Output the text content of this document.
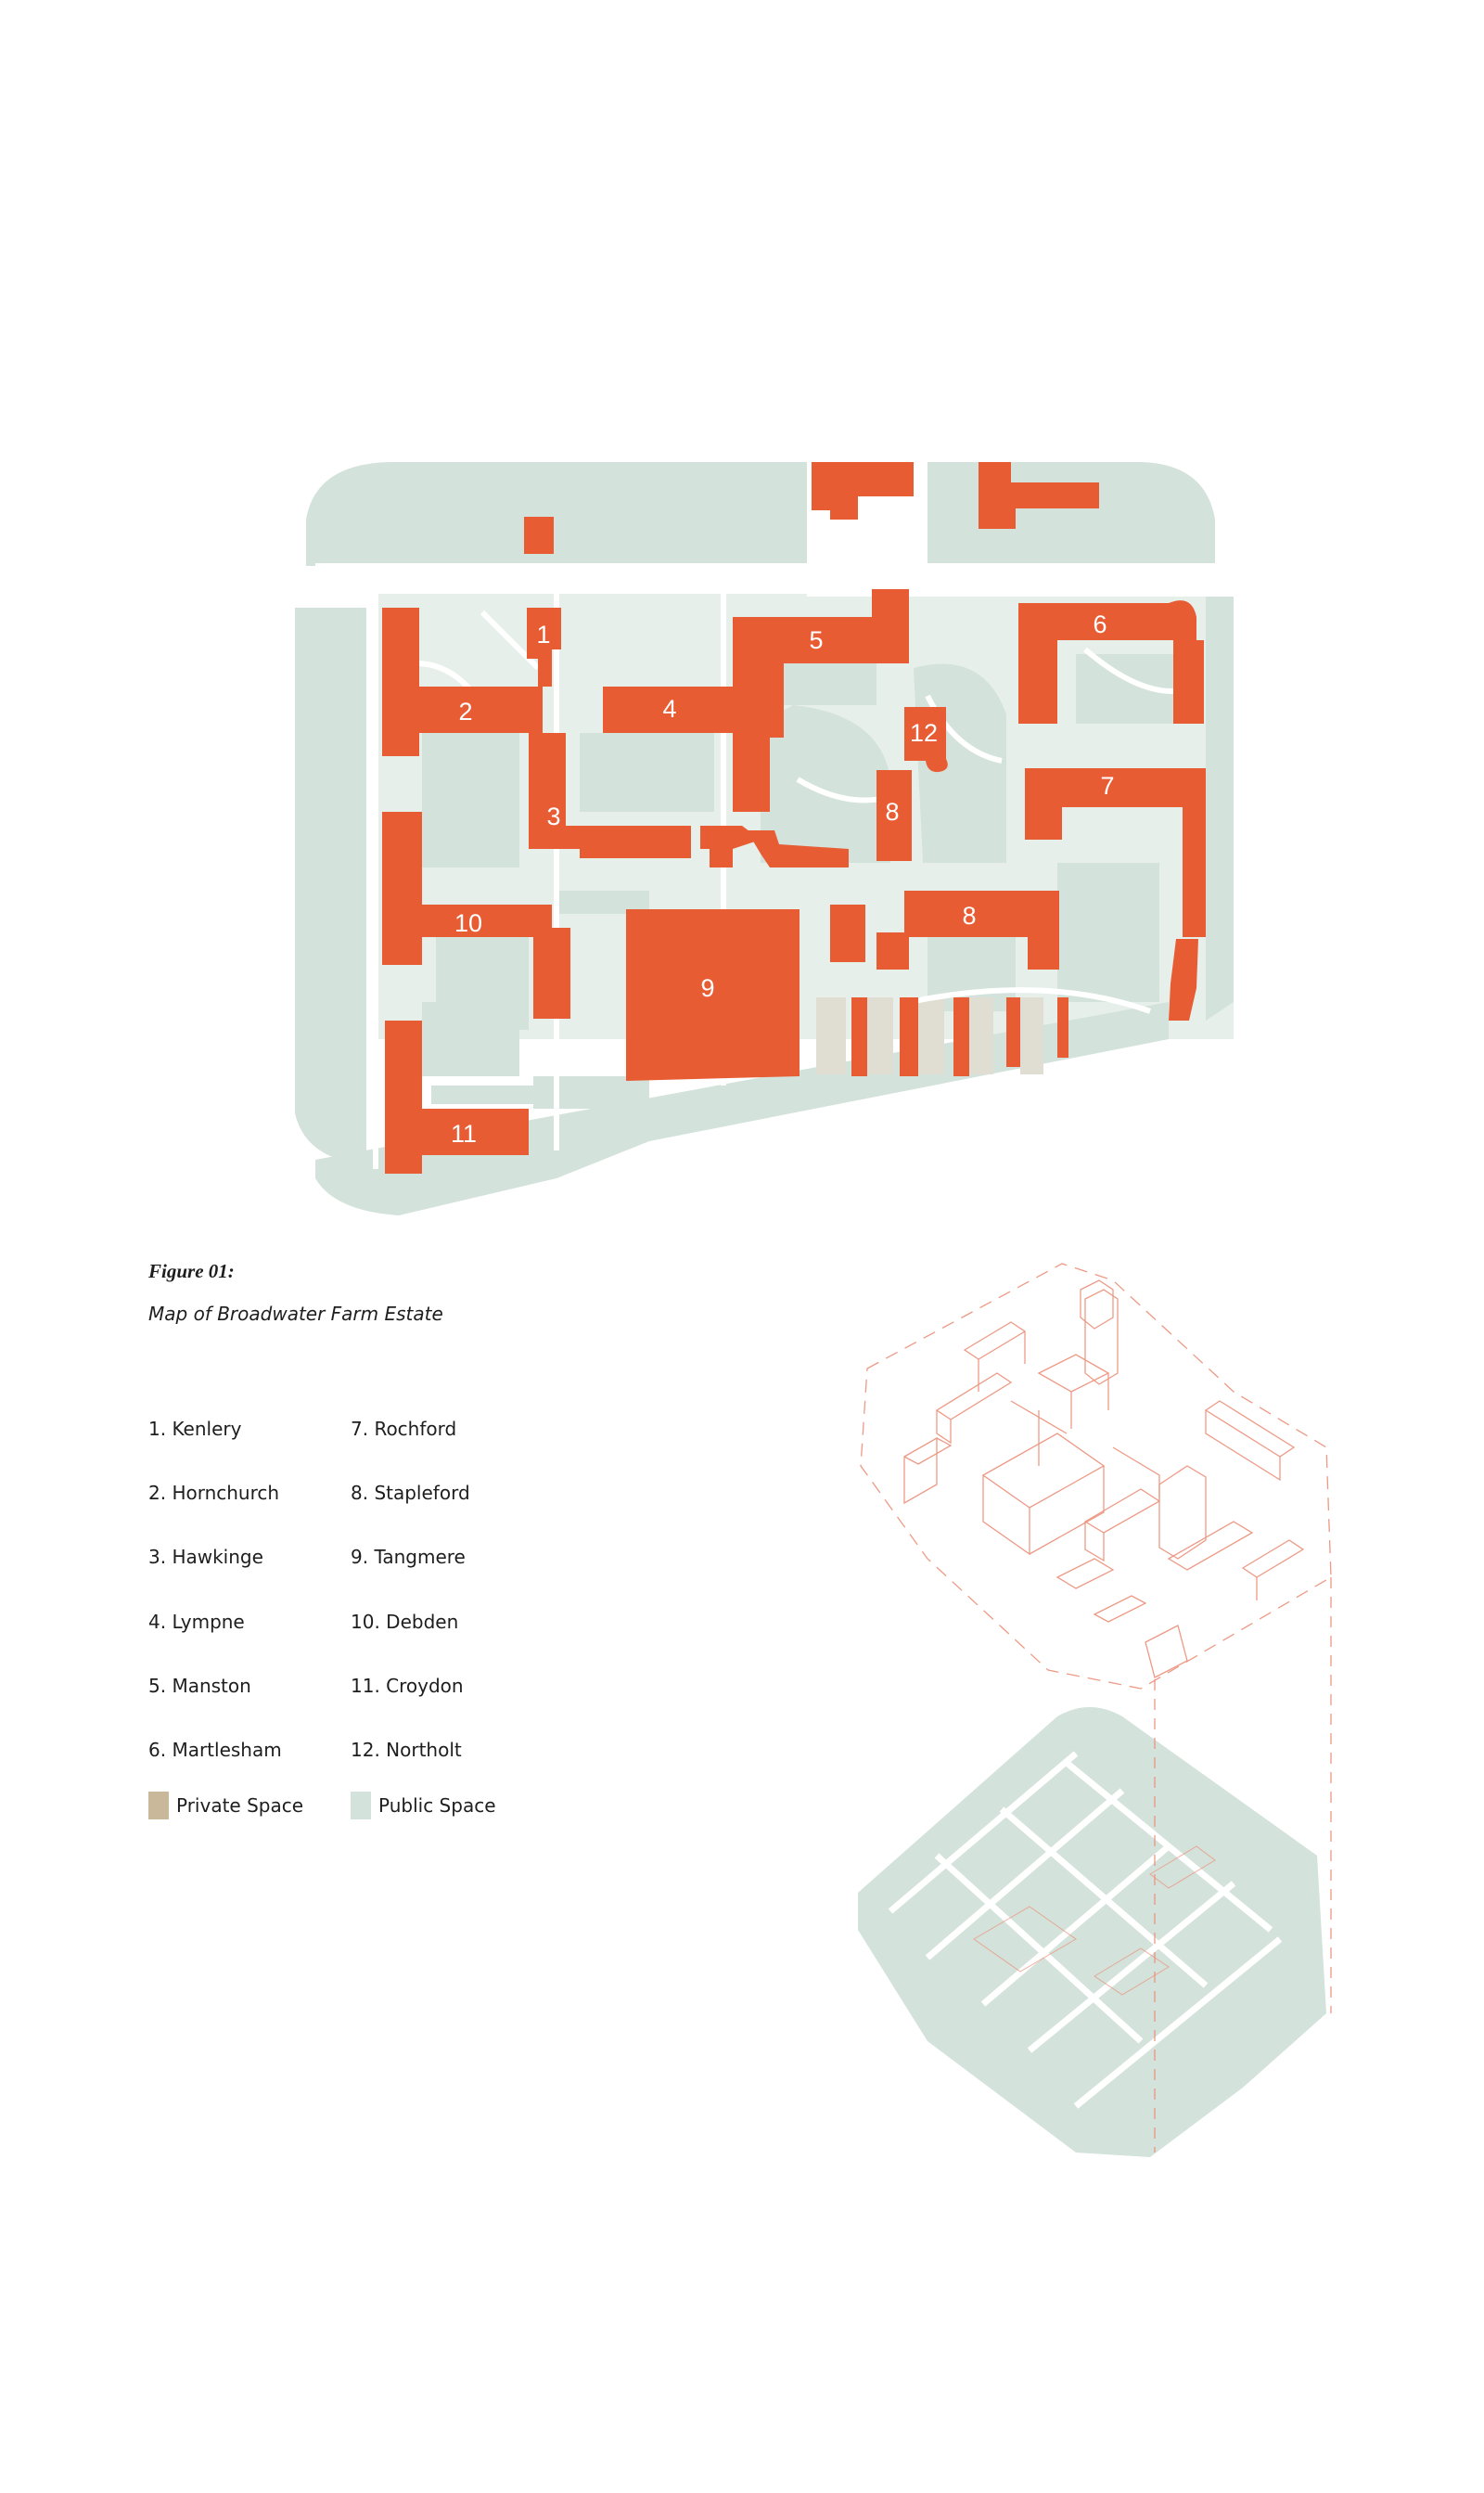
1
2
3
4
5
6
7
8
8
9
10
11
12

Figure 01:

Map of Broadwater Farm Estate

1. Kenlery
2. Hornchurch
3. Hawkinge
4. Lympne
5. Manston
6. Martlesham
7. Rochford
8. Stapleford
9. Tangmere
10. Debden
11. Croydon
12. Northolt
Private Space	Public Space
